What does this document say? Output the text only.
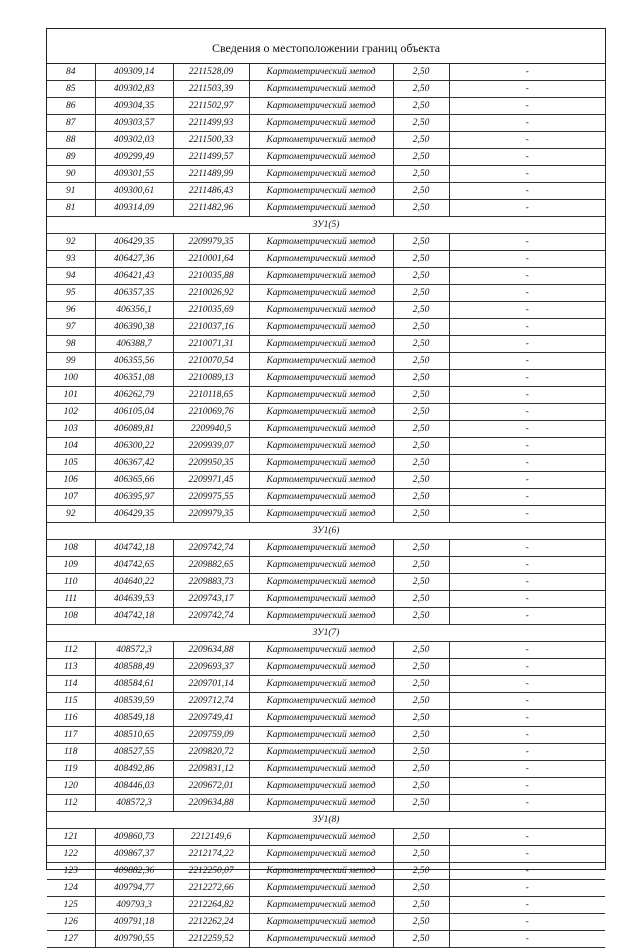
Сведения о местоположении границ объекта
84	409309,14	2211528,09	Картометрический метод	2,50	-
85	409302,83	2211503,39	Картометрический метод	2,50	-
86	409304,35	2211502,97	Картометрический метод	2,50	-
87	409303,57	2211499,93	Картометрический метод	2,50	-
88	409302,03	2211500,33	Картометрический метод	2,50	-
89	409299,49	2211499,57	Картометрический метод	2,50	-
90	409301,55	2211489,99	Картометрический метод	2,50	-
91	409300,61	2211486,43	Картометрический метод	2,50	-
81	409314,09	2211482,96	Картометрический метод	2,50	-
ЗУ1(5)					
92	406429,35	2209979,35	Картометрический метод	2,50	-
93	406427,36	2210001,64	Картометрический метод	2,50	-
94	406421,43	2210035,88	Картометрический метод	2,50	-
95	406357,35	2210026,92	Картометрический метод	2,50	-
96	406356,1	2210035,69	Картометрический метод	2,50	-
97	406390,38	2210037,16	Картометрический метод	2,50	-
98	406388,7	2210071,31	Картометрический метод	2,50	-
99	406355,56	2210070,54	Картометрический метод	2,50	-
100	406351,08	2210089,13	Картометрический метод	2,50	-
101	406262,79	2210118,65	Картометрический метод	2,50	-
102	406105,04	2210069,76	Картометрический метод	2,50	-
103	406089,81	2209940,5	Картометрический метод	2,50	-
104	406300,22	2209939,07	Картометрический метод	2,50	-
105	406367,42	2209950,35	Картометрический метод	2,50	-
106	406365,66	2209971,45	Картометрический метод	2,50	-
107	406395,97	2209975,55	Картометрический метод	2,50	-
92	406429,35	2209979,35	Картометрический метод	2,50	-
ЗУ1(6)					
108	404742,18	2209742,74	Картометрический метод	2,50	-
109	404742,65	2209882,65	Картометрический метод	2,50	-
110	404640,22	2209883,73	Картометрический метод	2,50	-
111	404639,53	2209743,17	Картометрический метод	2,50	-
108	404742,18	2209742,74	Картометрический метод	2,50	-
ЗУ1(7)					
112	408572,3	2209634,88	Картометрический метод	2,50	-
113	408588,49	2209693,37	Картометрический метод	2,50	-
114	408584,61	2209701,14	Картометрический метод	2,50	-
115	408539,59	2209712,74	Картометрический метод	2,50	-
116	408549,18	2209749,41	Картометрический метод	2,50	-
117	408510,65	2209759,09	Картометрический метод	2,50	-
118	408527,55	2209820,72	Картометрический метод	2,50	-
119	408492,86	2209831,12	Картометрический метод	2,50	-
120	408446,03	2209672,01	Картометрический метод	2,50	-
112	408572,3	2209634,88	Картометрический метод	2,50	-
ЗУ1(8)					
121	409860,73	2212149,6	Картометрический метод	2,50	-
122	409867,37	2212174,22	Картометрический метод	2,50	-
123	409882,36	2212250,07	Картометрический метод	2,50	-
124	409794,77	2212272,66	Картометрический метод	2,50	-
125	409793,3	2212264,82	Картометрический метод	2,50	-
126	409791,18	2212262,24	Картометрический метод	2,50	-
127	409790,55	2212259,52	Картометрический метод	2,50	-
